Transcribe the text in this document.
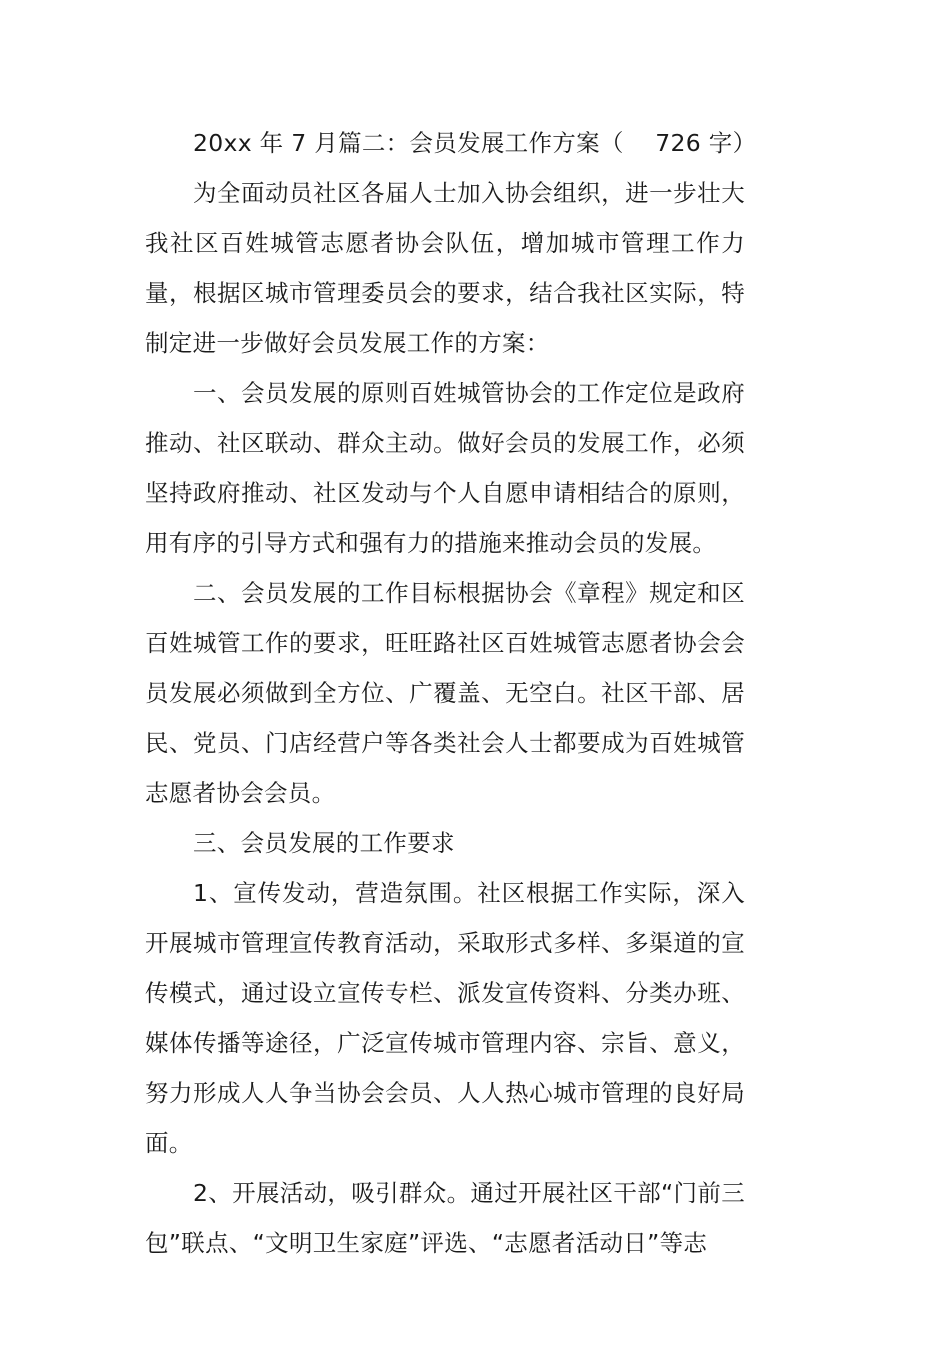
20xx 年 7 月篇二：会员发展工作方案（　 726 字）

为全面动员社区各届人士加入协会组织，进一步壮大我社区百姓城管志愿者协会队伍，增加城市管理工作力量，根据区城市管理委员会的要求，结合我社区实际，特制定进一步做好会员发展工作的方案：

一、会员发展的原则百姓城管协会的工作定位是政府推动、社区联动、群众主动。做好会员的发展工作，必须坚持政府推动、社区发动与个人自愿申请相结合的原则，用有序的引导方式和强有力的措施来推动会员的发展。

二、会员发展的工作目标根据协会《章程》规定和区百姓城管工作的要求，旺旺路社区百姓城管志愿者协会会员发展必须做到全方位、广覆盖、无空白。社区干部、居民、党员、门店经营户等各类社会人士都要成为百姓城管志愿者协会会员。

三、会员发展的工作要求

1、宣传发动，营造氛围。社区根据工作实际，深入开展城市管理宣传教育活动，采取形式多样、多渠道的宣传模式，通过设立宣传专栏、派发宣传资料、分类办班、媒体传播等途径，广泛宣传城市管理内容、宗旨、意义，努力形成人人争当协会会员、人人热心城市管理的良好局面。

2、开展活动，吸引群众。通过开展社区干部“门前三包”联点、“文明卫生家庭”评选、“志愿者活动日”等志
